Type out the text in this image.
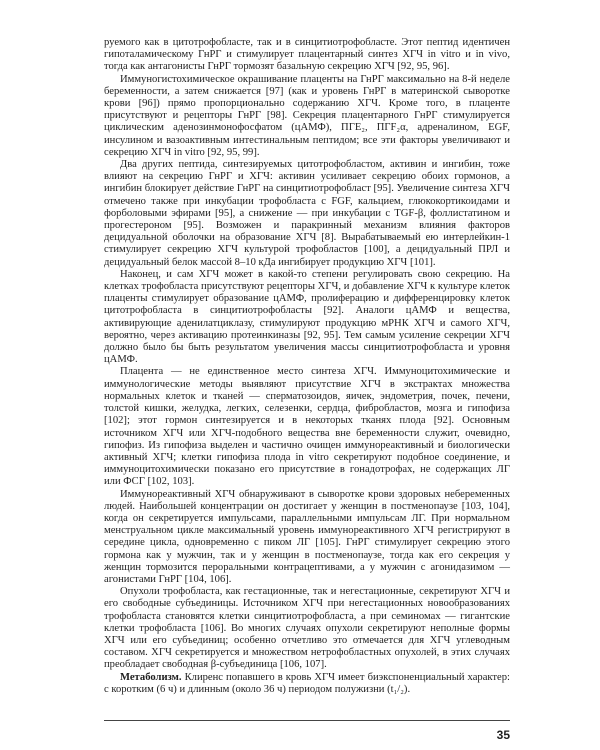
руемого как в цитотрофобласте, так и в синцитиотрофобласте. Этот пептид идентичен гипоталамическому ГнРГ и стимулирует плацентарный синтез ХГЧ in vitro и in vivo, тогда как антагонисты ГнРГ тормозят базальную секрецию ХГЧ [92, 95, 96].

Иммуногистохимическое окрашивание плаценты на ГнРГ максимально на 8-й неделе беременности, а затем снижается [97] (как и уровень ГнРГ в материнской сыворотке крови [96]) прямо пропорционально содержанию ХГЧ. Кроме того, в плаценте присутствуют и рецепторы ГнРГ [98]. Секреция плацентарного ГнРГ стимулируется циклическим аденозинмонофосфатом (цАМФ), ПГЕ₂, ПГF₂α, адреналином, EGF, инсулином и вазоактивным интестинальным пептидом; все эти факторы увеличивают и секрецию ХГЧ in vitro [92, 95, 99].

Два других пептида, синтезируемых цитотрофобластом, активин и ингибин, тоже влияют на секрецию ГнРГ и ХГЧ: активин усиливает секрецию обоих гормонов, а ингибин блокирует действие ГнРГ на синцитиотрофобласт [95]. Увеличение синтеза ХГЧ отмечено также при инкубации трофобласта с FGF, кальцием, глюкокортикоидами и форболовыми эфирами [95], а снижение — при инкубации с TGF-β, фоллистатином и прогестероном [95]. Возможен и паракринный механизм влияния факторов децидуальной оболочки на образование ХГЧ [8]. Вырабатываемый ею интерлейкин-1 стимулирует секрецию ХГЧ культурой трофобластов [100], а децидуальный ПРЛ и децидуальный белок массой 8–10 кДа ингибирует продукцию ХГЧ [101].

Наконец, и сам ХГЧ может в какой-то степени регулировать свою секрецию. На клетках трофобласта присутствуют рецепторы ХГЧ, и добавление ХГЧ к культуре клеток плаценты стимулирует образование цАМФ, пролиферацию и дифференцировку клеток цитотрофобласта в синцитиотрофобласты [92]. Аналоги цАМФ и вещества, активирующие аденилатциклазу, стимулируют продукцию мРНК ХГЧ и самого ХГЧ, вероятно, через активацию протеинкиназы [92, 95]. Тем самым усиление секреции ХГЧ должно было бы быть результатом увеличения массы синцитиотрофобласта и уровня цАМФ.

Плацента — не единственное место синтеза ХГЧ. Иммуноцитохимические и иммунологические методы выявляют присутствие ХГЧ в экстрактах множества нормальных клеток и тканей — сперматозоидов, яичек, эндометрия, почек, печени, толстой кишки, желудка, легких, селезенки, сердца, фибробластов, мозга и гипофиза [102]; этот гормон синтезируется и в некоторых тканях плода [92]. Основным источником ХГЧ или ХГЧ-подобного вещества вне беременности служит, очевидно, гипофиз. Из гипофиза выделен и частично очищен иммунореактивный и биологически активный ХГЧ; клетки гипофиза плода in vitro секретируют подобное соединение, и иммуноцитохимически показано его присутствие в гонадотрофах, не содержащих ЛГ или ФСГ [102, 103].

Иммунореактивный ХГЧ обнаруживают в сыворотке крови здоровых небеременных людей. Наибольшей концентрации он достигает у женщин в постменопаузе [103, 104], когда он секретируется импульсами, параллельными импульсам ЛГ. При нормальном менструальном цикле максимальный уровень иммунореактивного ХГЧ регистрируют в середине цикла, одновременно с пиком ЛГ [105]. ГнРГ стимулирует секрецию этого гормона как у мужчин, так и у женщин в постменопаузе, тогда как его секреция у женщин тормозится пероральными контрацептивами, а у мужчин с агонидазимом — агонистами ГнРГ [104, 106].

Опухоли трофобласта, как гестационные, так и негестационные, секретируют ХГЧ и его свободные субъединицы. Источником ХГЧ при негестационных новообразованиях трофобласта становятся клетки синцитиотрофобласта, а при семиномах — гигантские клетки трофобласта [106]. Во многих случаях опухоли секретируют неполные формы ХГЧ или его субъединиц; особенно отчетливо это отмечается для ХГЧ углеводным составом. ХГЧ секретируется и множеством нетрофобластных опухолей, в этих случаях преобладает свободная β-субъединица [106, 107].

Метаболизм. Клиренс попавшего в кровь ХГЧ имеет биэкспоненциальный характер: с коротким (6 ч) и длинным (около 36 ч) периодом полужизни (t₁/₂).

35
